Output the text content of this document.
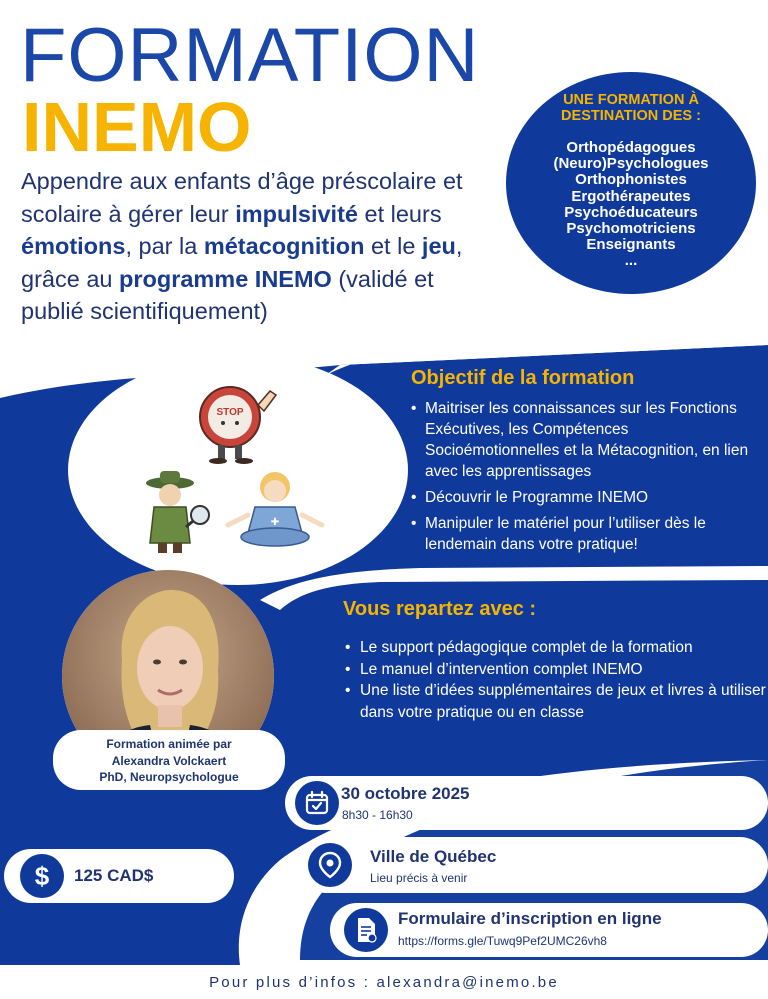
FORMATION
INEMO
Appendre aux enfants d’âge préscolaire et scolaire à gérer leur impulsivité et leurs émotions, par la métacognition et le jeu, grâce au programme INEMO (validé et publié scientifiquement)
UNE FORMATION À
DESTINATION DES :
Orthopédagogues
(Neuro)Psychologues
Orthophonistes
Ergothérapeutes
Psychoéducateurs
Psychomotriciens
Enseignants
...
STOP
✚
Objectif de la formation
• Maitriser les connaissances sur les Fonctions Exécutives, les Compétences Socioémotionnelles et la Métacognition, en lien avec les apprentissages
• Découvrir le Programme INEMO
• Manipuler le matériel pour l’utiliser dès le lendemain dans votre pratique!
Formation animée par
Alexandra Volckaert
PhD, Neuropsychologue
Vous repartez avec :
• Le support pédagogique complet de la formation
• Le manuel d’intervention complet INEMO
• Une liste d’idées supplémentaires de jeux et livres à utiliser dans votre pratique ou en classe
30 octobre 2025
8h30 - 16h30
Ville de Québec
Lieu précis à venir
Formulaire d’inscription en ligne
https://forms.gle/Tuwq9Pef2UMC26vh8
$ 125 CAD$
Pour plus d’infos : alexandra@inemo.be
